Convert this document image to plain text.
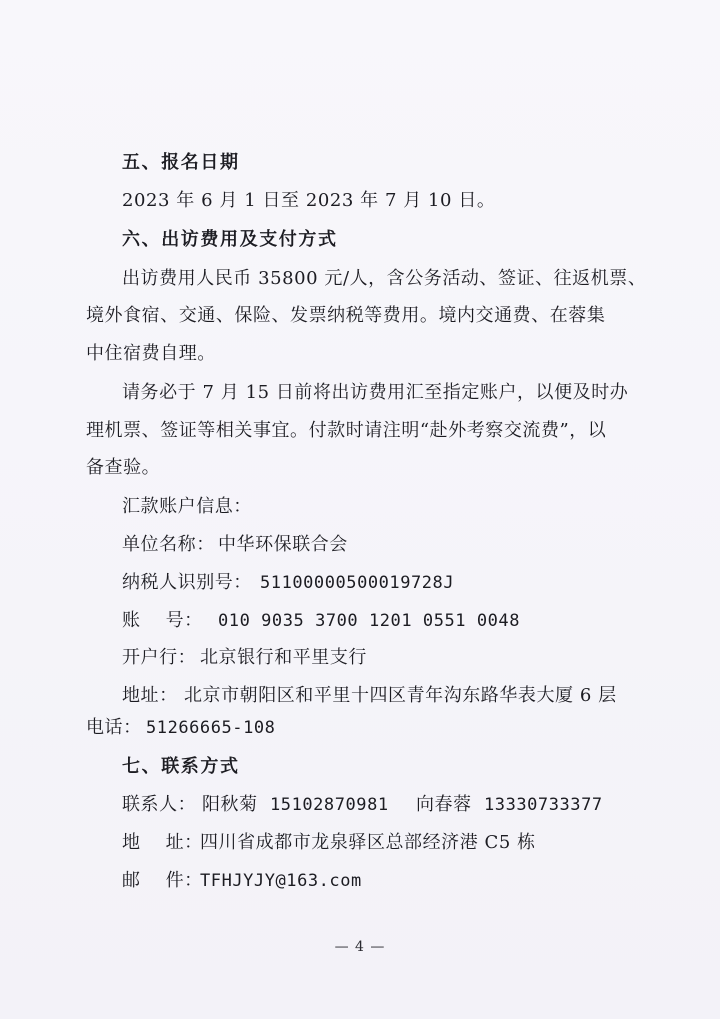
五、报名日期
2023 年 6 月 1 日至 2023 年 7 月 10 日。
六、出访费用及支付方式
出访费用人民币 35800 元/人，含公务活动、签证、往返机票、
境外食宿、交通、保险、发票纳税等费用。境内交通费、在蓉集
中住宿费自理。
请务必于 7 月 15 日前将出访费用汇至指定账户，以便及时办
理机票、签证等相关事宜。付款时请注明“赴外考察交流费”，以
备查验。
汇款账户信息：
单位名称： 中华环保联合会
纳税人识别号： 51100000500019728J
账    号： 010 9035 3700 1201 0551 0048
开户行： 北京银行和平里支行
地址： 北京市朝阳区和平里十四区青年沟东路华表大厦 6 层
电话： 51266665-108
七、联系方式
联系人： 阳秋菊 15102870981 向春蓉 13330733377
地    址：
四川省成都市龙泉驿区总部经济港 C5 栋
邮    件：
TFHJYJY@163.com
— 4 —
